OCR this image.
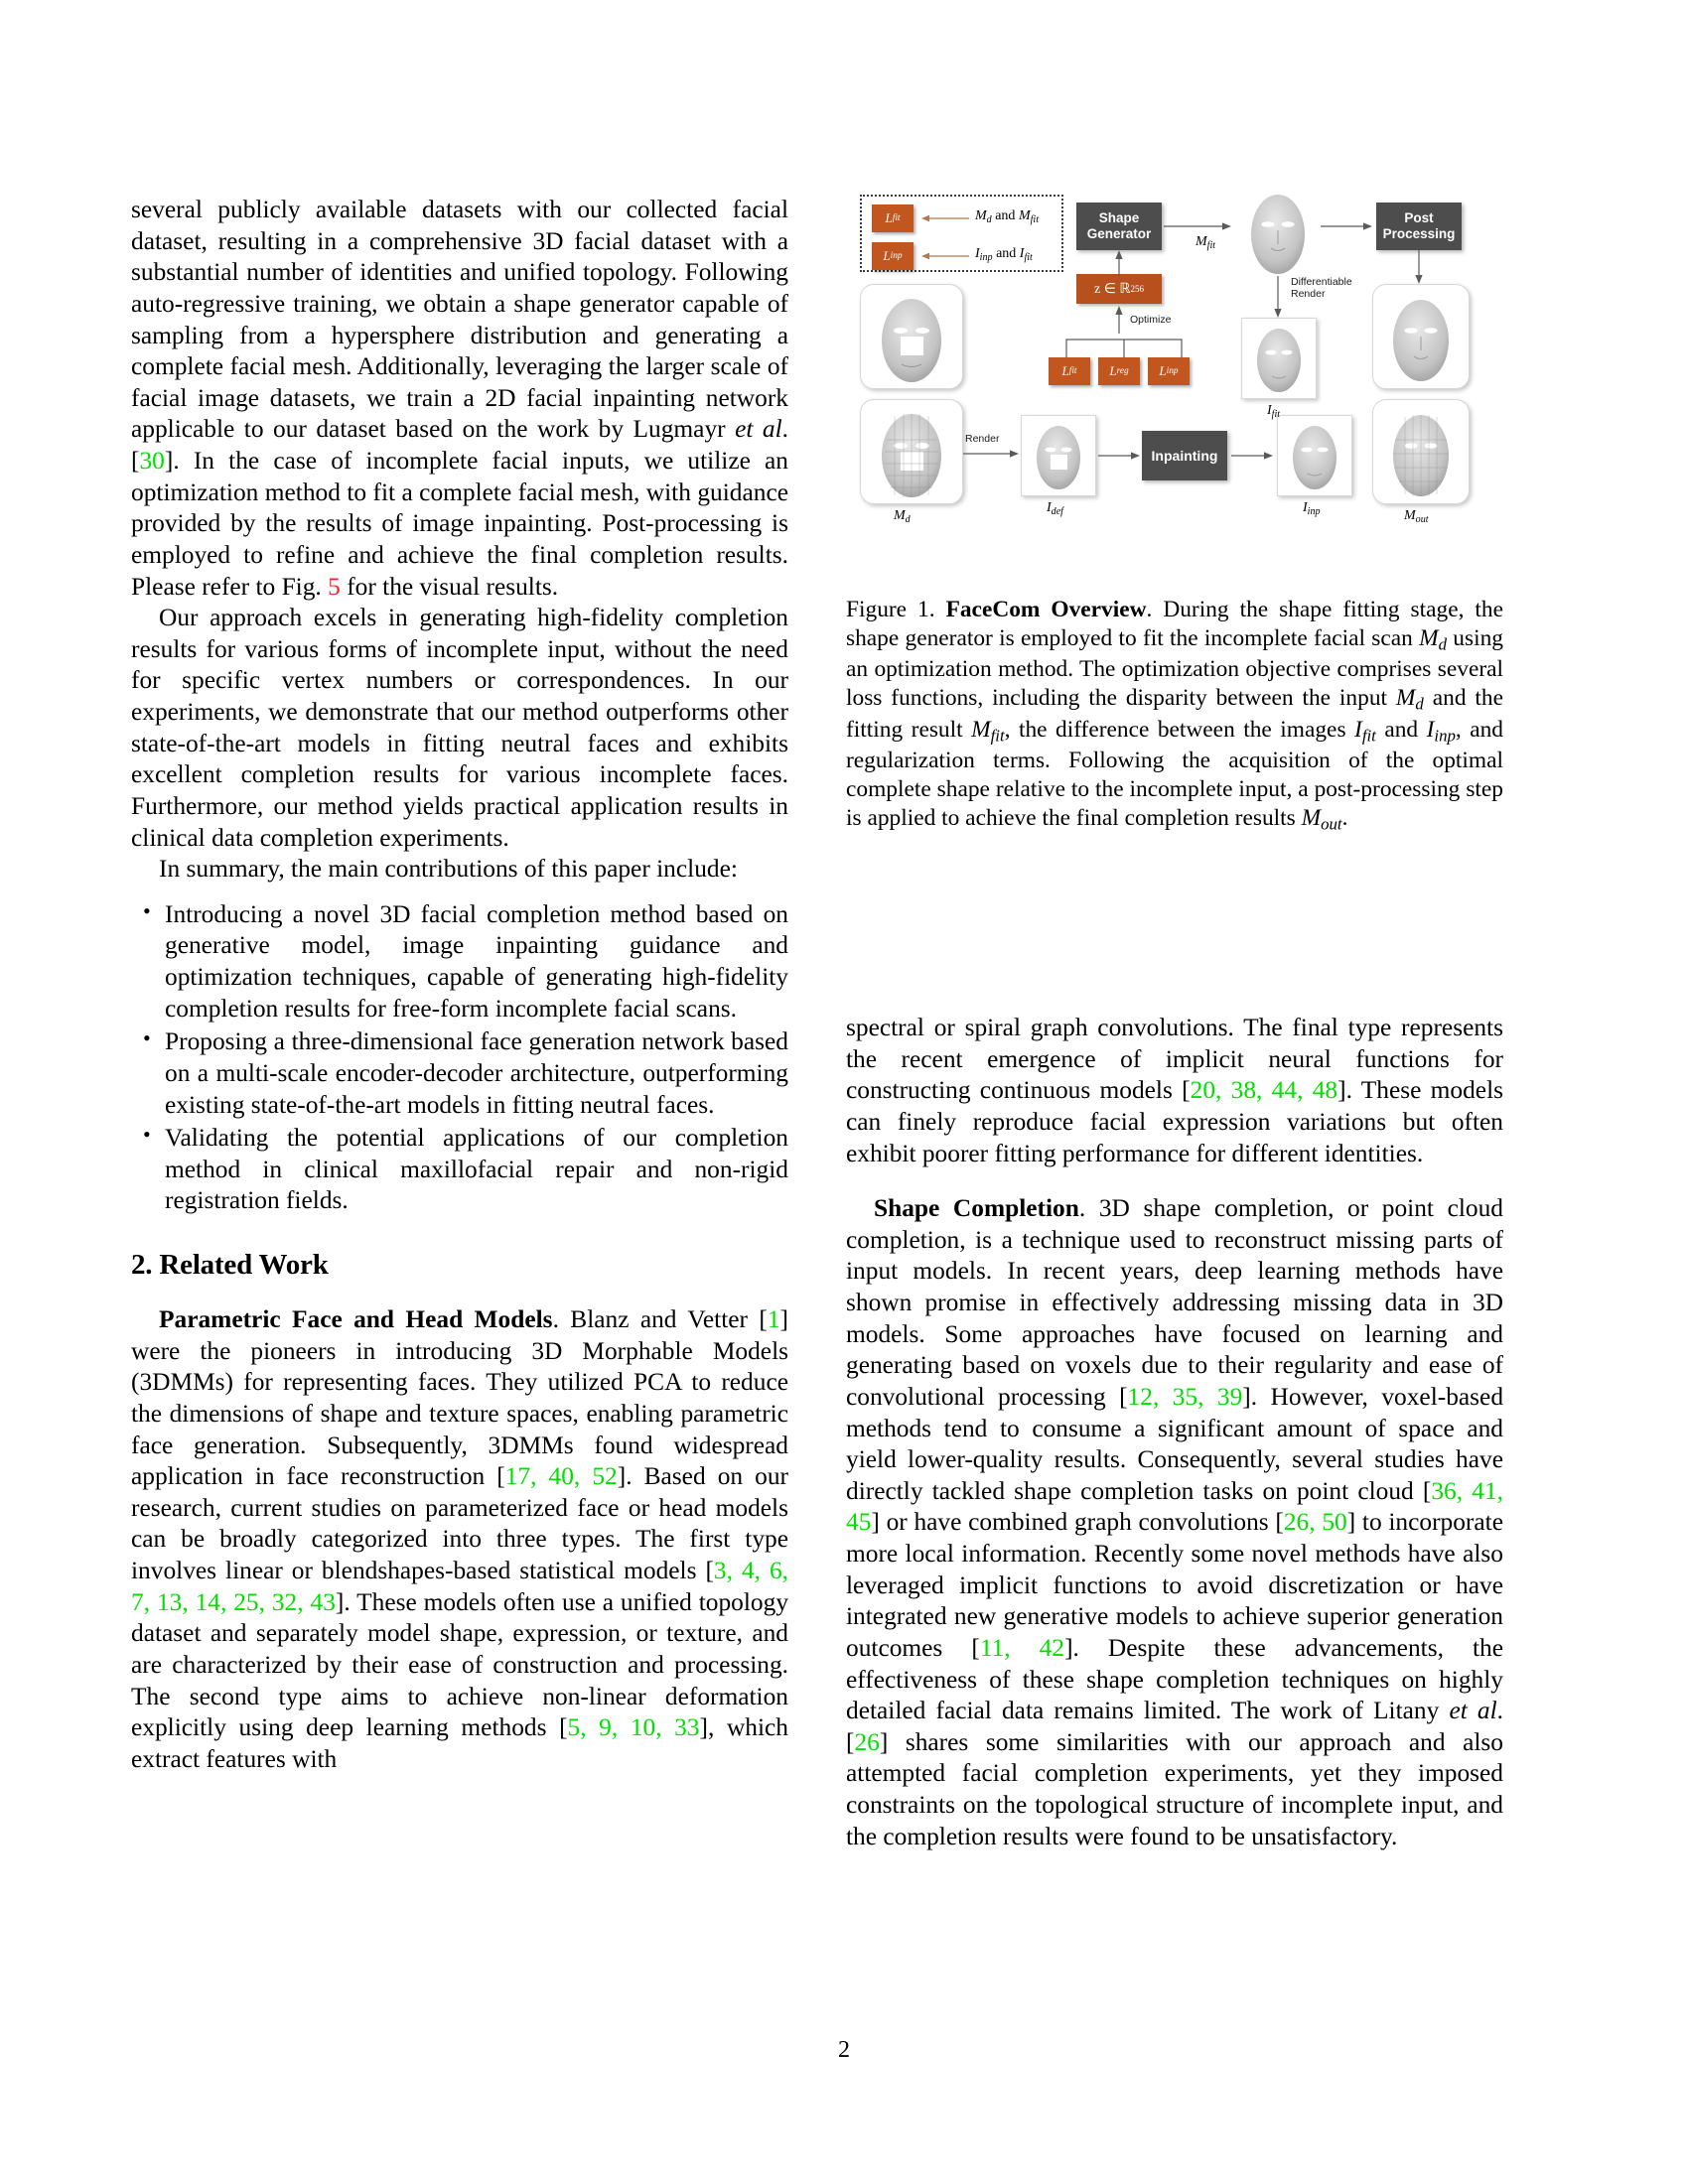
several publicly available datasets with our collected facial dataset, resulting in a comprehensive 3D facial dataset with a substantial number of identities and unified topology. Following auto-regressive training, we obtain a shape generator capable of sampling from a hypersphere distribution and generating a complete facial mesh. Additionally, leveraging the larger scale of facial image datasets, we train a 2D facial inpainting network applicable to our dataset based on the work by Lugmayr et al. [30]. In the case of incomplete facial inputs, we utilize an optimization method to fit a complete facial mesh, with guidance provided by the results of image inpainting. Post-processing is employed to refine and achieve the final completion results. Please refer to Fig. 5 for the visual results.

Our approach excels in generating high-fidelity completion results for various forms of incomplete input, without the need for specific vertex numbers or correspondences. In our experiments, we demonstrate that our method outperforms other state-of-the-art models in fitting neutral faces and exhibits excellent completion results for various incomplete faces. Furthermore, our method yields practical application results in clinical data completion experiments.

In summary, the main contributions of this paper include:

• Introducing a novel 3D facial completion method based on generative model, image inpainting guidance and optimization techniques, capable of generating high-fidelity completion results for free-form incomplete facial scans.
• Proposing a three-dimensional face generation network based on a multi-scale encoder-decoder architecture, outperforming existing state-of-the-art models in fitting neutral faces.
• Validating the potential applications of our completion method in clinical maxillofacial repair and non-rigid registration fields.
2. Related Work

Parametric Face and Head Models. Blanz and Vetter [1] were the pioneers in introducing 3D Morphable Models (3DMMs) for representing faces. They utilized PCA to reduce the dimensions of shape and texture spaces, enabling parametric face generation. Subsequently, 3DMMs found widespread application in face reconstruction [17, 40, 52]. Based on our research, current studies on parameterized face or head models can be broadly categorized into three types. The first type involves linear or blendshapes-based statistical models [3, 4, 6, 7, 13, 14, 25, 32, 43]. These models often use a unified topology dataset and separately model shape, expression, or texture, and are characterized by their ease of construction and processing. The second type aims to achieve non-linear deformation explicitly using deep learning methods [5, 9, 10, 33], which extract features with

L fit
L inp
$M_d$ and $M_{fit}$
$I_{inp}$ and $I_{fit}$
$M_d$
Render
$I_{def}$
Inpainting
$I_{inp}$
Shape
Generator
z ∈ ℝ 256
Optimize
L fit	L reg L inp
$M_{fit}$
Differentiable
Render
$I_{fit}$
Post
Processing
$M_{out}$
Figure 1. FaceCom Overview. During the shape fitting stage, the shape generator is employed to fit the incomplete facial scan $M_d$ using an optimization method. The optimization objective comprises several loss functions, including the disparity between the input $M_d$ and the fitting result $M_{fit}$, the difference between the images $I_{fit}$ and $I_{inp}$, and regularization terms. Following the acquisition of the optimal complete shape relative to the incomplete input, a post-processing step is applied to achieve the final completion results $M_{out}$.

spectral or spiral graph convolutions. The final type represents the recent emergence of implicit neural functions for constructing continuous models [20, 38, 44, 48]. These models can finely reproduce facial expression variations but often exhibit poorer fitting performance for different identities.

Shape Completion. 3D shape completion, or point cloud completion, is a technique used to reconstruct missing parts of input models. In recent years, deep learning methods have shown promise in effectively addressing missing data in 3D models. Some approaches have focused on learning and generating based on voxels due to their regularity and ease of convolutional processing [12, 35, 39]. However, voxel-based methods tend to consume a significant amount of space and yield lower-quality results. Consequently, several studies have directly tackled shape completion tasks on point cloud [36, 41, 45] or have combined graph convolutions [26, 50] to incorporate more local information. Recently some novel methods have also leveraged implicit functions to avoid discretization or have integrated new generative models to achieve superior generation outcomes [11, 42]. Despite these advancements, the effectiveness of these shape completion techniques on highly detailed facial data remains limited. The work of Litany et al. [26] shares some similarities with our approach and also attempted facial completion experiments, yet they imposed constraints on the topological structure of incomplete input, and the completion results were found to be unsatisfactory.

2
